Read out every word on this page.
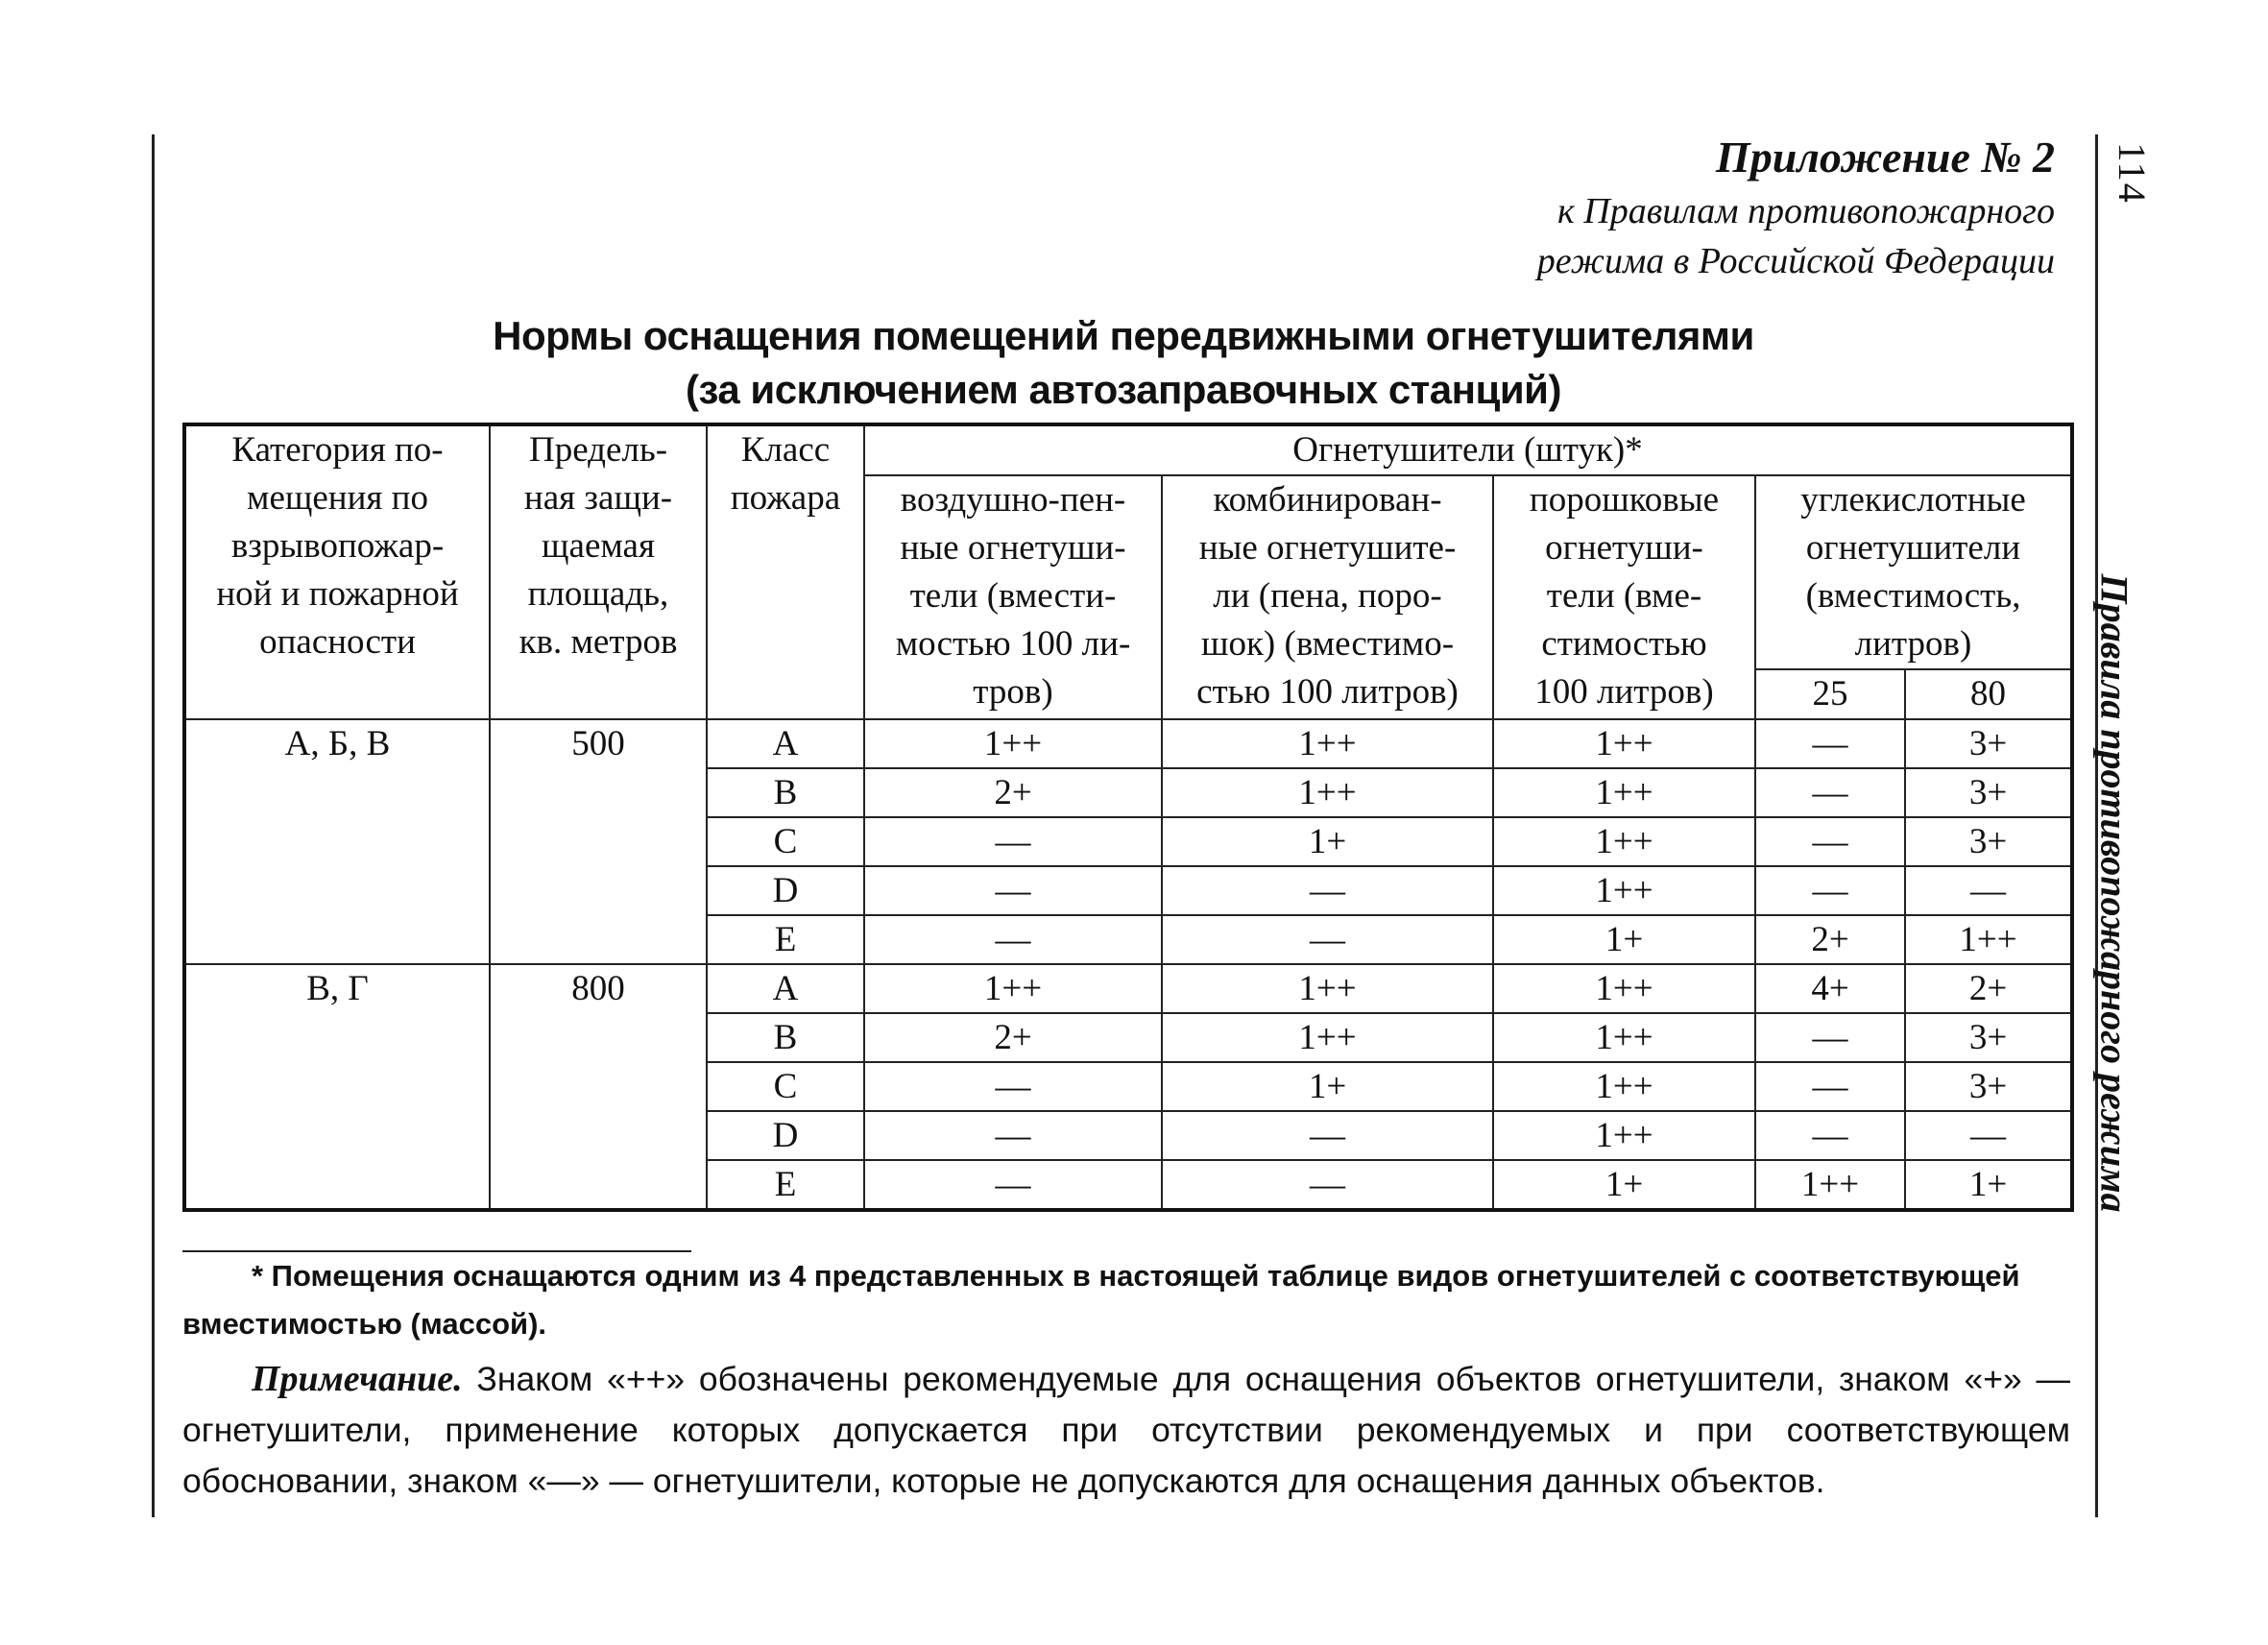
114
Правила противопожарного режима
Приложение № 2
к Правилам противопожарного
режима в Российской Федерации
Нормы оснащения помещений передвижными огнетушителями
(за исключением автозаправочных станций)
Категория по-
мещения по
взрывопожар-
ной и пожарной
опасности	Предель-
ная защи-
щаемая
площадь,
кв. метров	Класс
пожара	Огнетушители (штук)*				
			воздушно-пен-
ные огнетуши-
тели (вмести-
мостью 100 ли-
тров)	комбинирован-
ные огнетушите-
ли (пена, поро-
шок) (вместимо-
стью 100 литров)	порошковые
огнетуши-
тели (вме-
стимостью
100 литров)	углекислотные
огнетушители
(вместимость,
литров)	
						25	80
А, Б, В	500	А	1++	1++	1++	—	3+
		В	2+	1++	1++	—	3+
		С	—	1+	1++	—	3+
		D	—	—	1++	—	—
		Е	—	—	1+	2+	1++
В, Г	800	А	1++	1++	1++	4+	2+
		В	2+	1++	1++	—	3+
		С	—	1+	1++	—	3+
		D	—	—	1++	—	—
		Е	—	—	1+	1++	1+
* Помещения оснащаются одним из 4 представленных в настоящей таблице видов огнетушителей с соответствующей вместимостью (массой).
Примечание. Знаком «++» обозначены рекомендуемые для оснащения объектов огнетушители, знаком «+» — огнетушители, применение которых допускается при отсутствии рекомендуемых и при соответствующем обосновании, знаком «—» — огнетушители, которые не допускаются для оснащения данных объектов.
